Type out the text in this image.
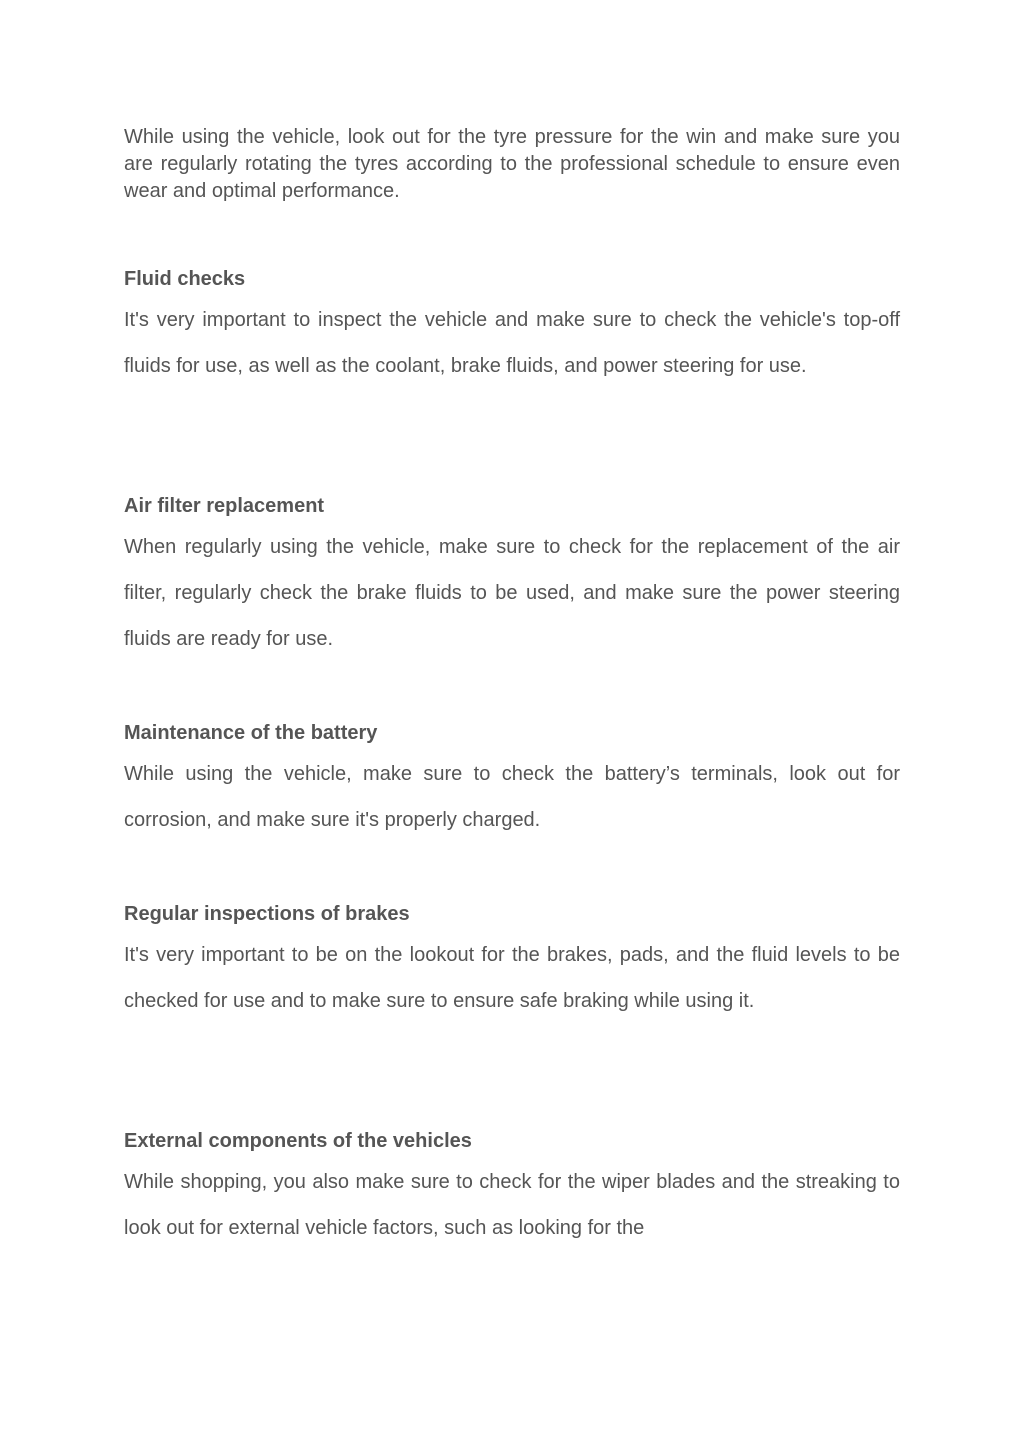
While using the vehicle, look out for the tyre pressure for the win and make sure you are regularly rotating the tyres according to the professional schedule to ensure even wear and optimal performance.

Fluid checks

It's very important to inspect the vehicle and make sure to check the vehicle's top-off fluids for use, as well as the coolant, brake fluids, and power steering for use.

Air filter replacement

When regularly using the vehicle, make sure to check for the replacement of the air filter, regularly check the brake fluids to be used, and make sure the power steering fluids are ready for use.

Maintenance of the battery

While using the vehicle, make sure to check the battery’s terminals, look out for corrosion, and make sure it's properly charged.

Regular inspections of brakes

It's very important to be on the lookout for the brakes, pads, and the fluid levels to be checked for use and to make sure to ensure safe braking while using it.

External components of the vehicles

While shopping, you also make sure to check for the wiper blades and the streaking to look out for external vehicle factors, such as looking for the
